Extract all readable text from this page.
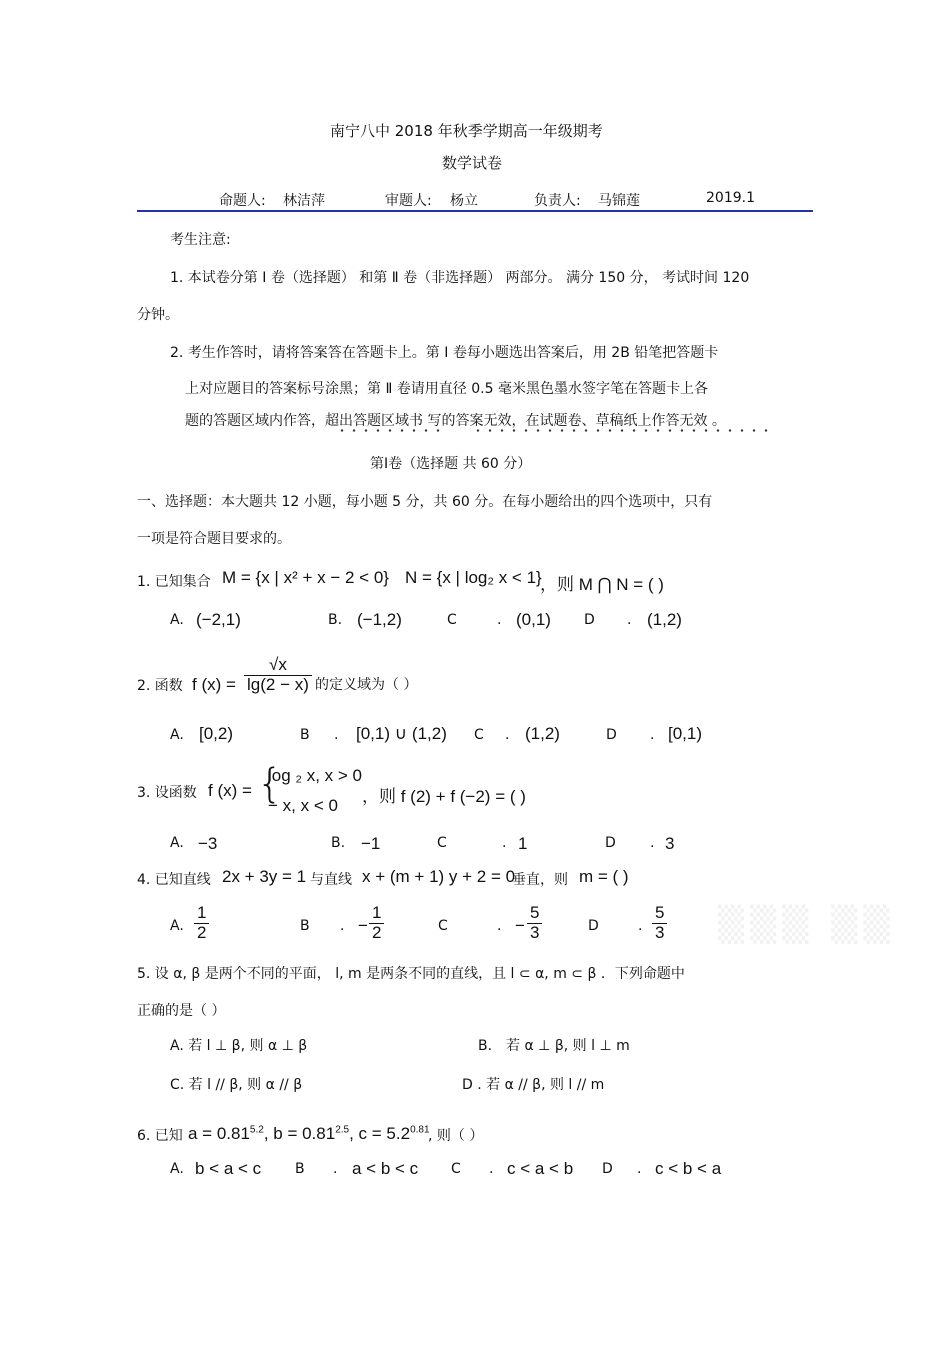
南宁八中 2018 年秋季学期高一年级期考
数学试卷
命题人: 林洁萍	审题人: 杨立	负责人: 马锦莲	2019.1
考生注意:
1. 本试卷分第 Ⅰ 卷（选择题） 和第 Ⅱ 卷（非选择题） 两部分。 满分 150 分， 考试时间 120
分钟。
2. 考生作答时，请将答案答在答题卡上。第 Ⅰ 卷每小题选出答案后，用 2B 铅笔把答题卡
上对应题目的答案标号涂黑；第 Ⅱ 卷请用直径 0.5 毫米黑色墨水签字笔在答题卡上各
题的答题区域内作答，超出答题区域书 写的答案无效，在试题卷、草稿纸上作答无效 。
第Ⅰ卷（选择题 共 60 分）
一、选择题：本大题共 12 小题，每小题 5 分，共 60 分。在每小题给出的四个选项中，只有
一项是符合题目要求的。
1. 已知集合 M = {x | x² + x − 2 < 0} N = {x | log₂ x < 1}
，则 M ⋂ N = ( )
A. (−2,1)	B. (−1,2)	C	. (0,1) D . (1,2)
2. 函数 f $(x) = \frac{√x}{\lg(2 - x)}$ 的定义域为（ ）
A. [0,2)	B . [0,1) ∪ (1,2) C . (1,2)	D . [0,1)
3. 设函数 f (x) = {
log ₂ x, x > 0
− x, x < 0 ，则 f (2) + f (−2) = ( )
A. −3	B. −1	C	. 1	D . 3
4. 已知直线 2x + 3y = 1 与直线 x + (m + 1) y + 2 = 0
垂直，则 m = ( )
A. $\frac{1}{2}$	B . − $\frac{1}{2}$	C	. − $\frac{5}{3}$	D	. $\frac{5}{3}$
5. 设 α, β 是两个不同的平面， l, m 是两条不同的直线，且 l ⊂ α, m ⊂ β ．下列命题中
正确的是（ ）
A. 若 l ⊥ β, 则 α ⊥ β	B． 若 α ⊥ β, 则 l ⊥ m
C. 若 l // β, 则 α // β	D . 若 α // β, 则 l // m
6. 已知 $a = 0.81^{5.2}$, $b = 0.81^{2.5}$, $c = 5.2^{0.81}$
, 则（ ）
A. b < a < c B . a < b < c C . c < a < b D . c < b < a
▒▒▒ ▒▒
